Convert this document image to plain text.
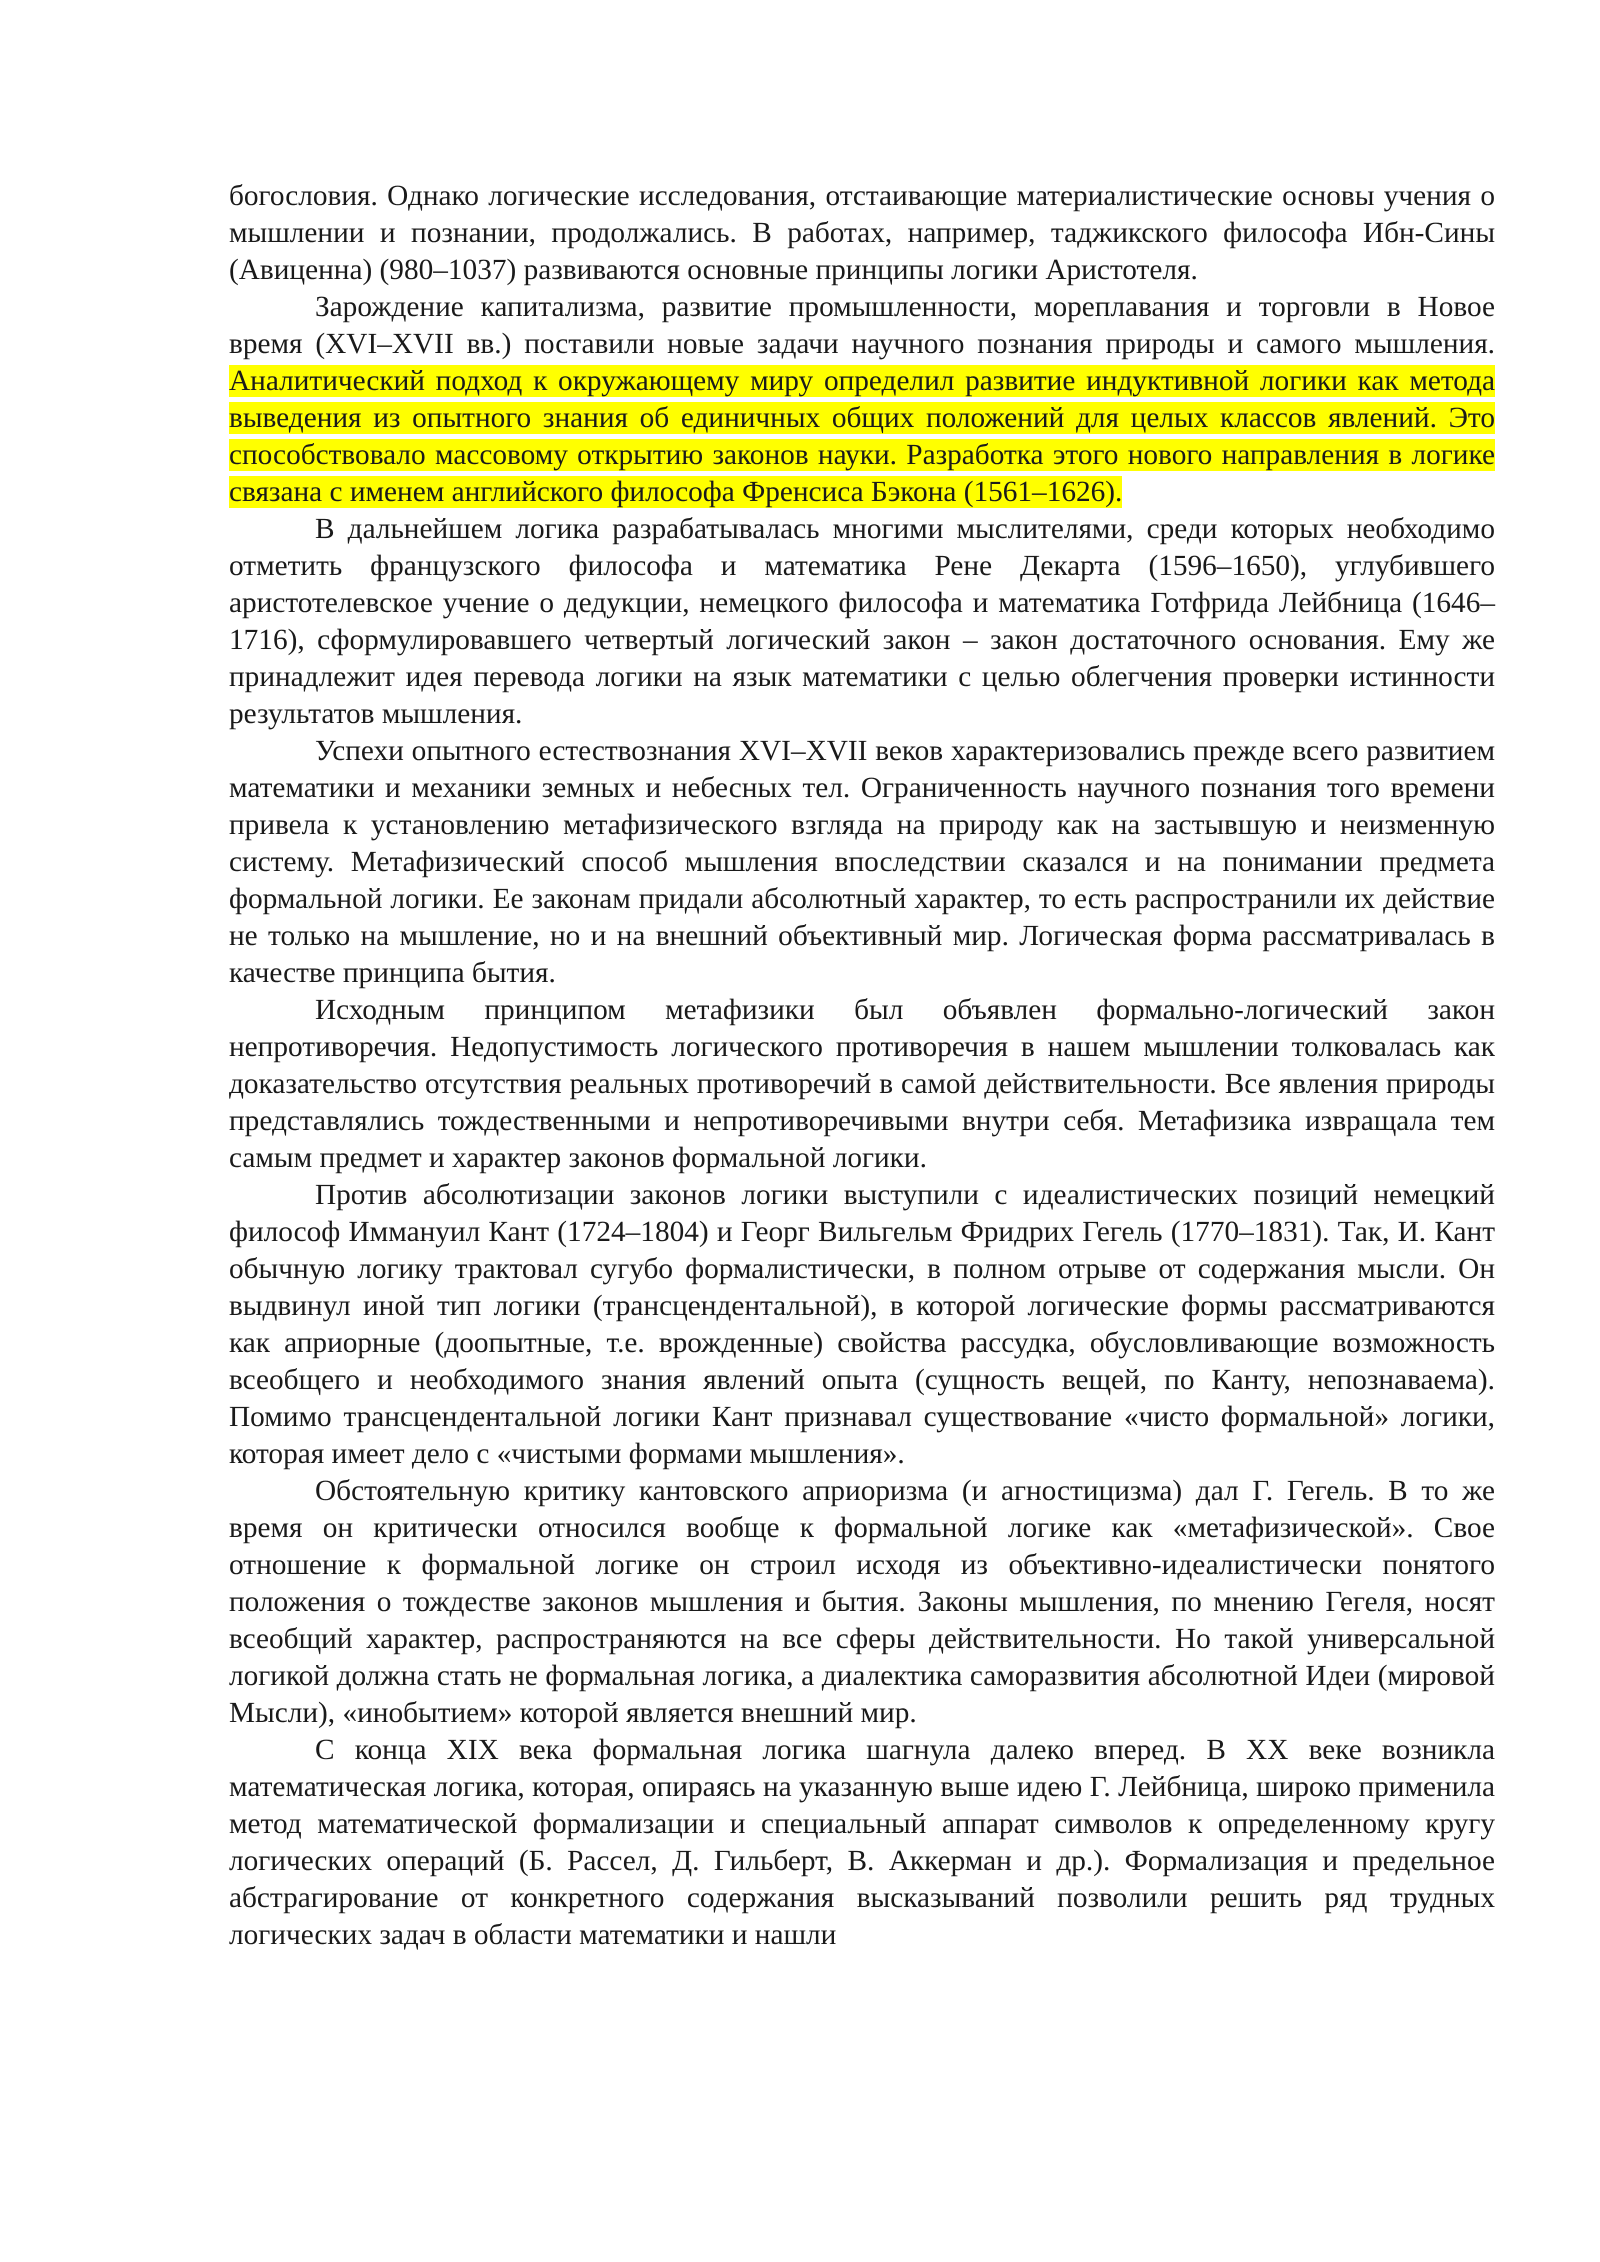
богословия. Однако логические исследования, отстаивающие материалистические основы учения о мышлении и познании, продолжались. В работах, например, таджикского философа Ибн-Сины (Авиценна) (980–1037) развиваются основные принципы логики Аристотеля.

Зарождение капитализма, развитие промышленности, мореплавания и торговли в Новое время (XVI–XVII вв.) поставили новые задачи научного познания природы и самого мышления. Аналитический подход к окружающему миру определил развитие индуктивной логики как метода выведения из опытного знания об единичных общих положений для целых классов явлений. Это способствовало массовому открытию законов науки. Разработка этого нового направления в логике связана с именем английского философа Френсиса Бэкона (1561–1626).

В дальнейшем логика разрабатывалась многими мыслителями, среди которых необходимо отметить французского философа и математика Рене Декарта (1596–1650), углубившего аристотелевское учение о дедукции, немецкого философа и математика Готфрида Лейбница (1646–1716), сформулировавшего четвертый логический закон – закон достаточного основания. Ему же принадлежит идея перевода логики на язык математики с целью облегчения проверки истинности результатов мышления.

Успехи опытного естествознания XVI–XVII веков характеризовались прежде всего развитием математики и механики земных и небесных тел. Ограниченность научного познания того времени привела к установлению метафизического взгляда на природу как на застывшую и неизменную систему. Метафизический способ мышления впоследствии сказался и на понимании предмета формальной логики. Ее законам придали абсолютный характер, то есть распространили их действие не только на мышление, но и на внешний объективный мир. Логическая форма рассматривалась в качестве принципа бытия.

Исходным принципом метафизики был объявлен формально-логический закон непротиворечия. Недопустимость логического противоречия в нашем мышлении толковалась как доказательство отсутствия реальных противоречий в самой действительности. Все явления природы представлялись тождественными и непротиворечивыми внутри себя. Метафизика извращала тем самым предмет и характер законов формальной логики.

Против абсолютизации законов логики выступили с идеалистических позиций немецкий философ Иммануил Кант (1724–1804) и Георг Вильгельм Фридрих Гегель (1770–1831). Так, И. Кант обычную логику трактовал сугубо формалистически, в полном отрыве от содержания мысли. Он выдвинул иной тип логики (трансцендентальной), в которой логические формы рассматриваются как априорные (доопытные, т.е. врожденные) свойства рассудка, обусловливающие возможность всеобщего и необходимого знания явлений опыта (сущность вещей, по Канту, непознаваема). Помимо трансцендентальной логики Кант признавал существование «чисто формальной» логики, которая имеет дело с «чистыми формами мышления».

Обстоятельную критику кантовского априоризма (и агностицизма) дал Г. Гегель. В то же время он критически относился вообще к формальной логике как «метафизической». Свое отношение к формальной логике он строил исходя из объективно-идеалистически понятого положения о тождестве законов мышления и бытия. Законы мышления, по мнению Гегеля, носят всеобщий характер, распространяются на все сферы действительности. Но такой универсальной логикой должна стать не формальная логика, а диалектика саморазвития абсолютной Идеи (мировой Мысли), «инобытием» которой является внешний мир.

С конца XIX века формальная логика шагнула далеко вперед. В XX веке возникла математическая логика, которая, опираясь на указанную выше идею Г. Лейбница, широко применила метод математической формализации и специальный аппарат символов к определенному кругу логических операций (Б. Рассел, Д. Гильберт, В. Аккерман и др.). Формализация и предельное абстрагирование от конкретного содержания высказываний позволили решить ряд трудных логических задач в области математики и нашли
